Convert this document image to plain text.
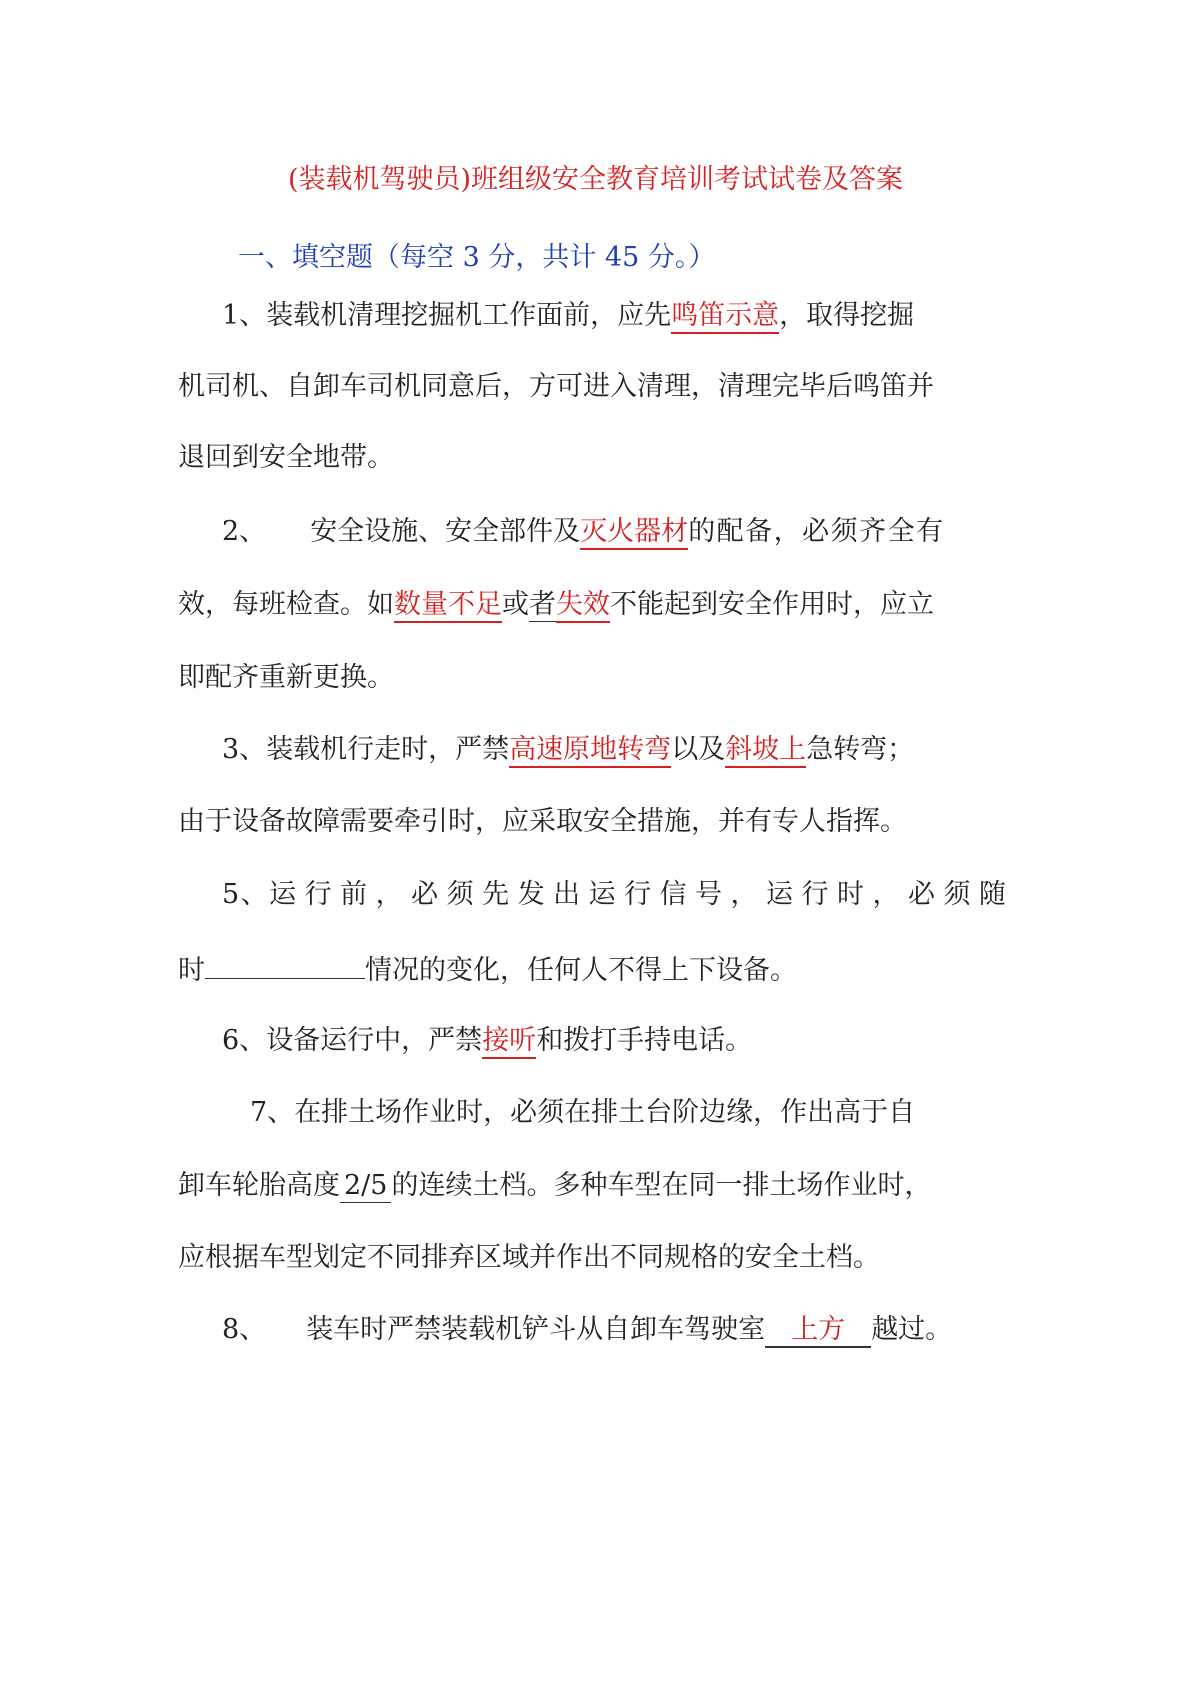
(装载机驾驶员)班组级安全教育培训考试试卷及答案
一、填空题（每空 3 分，共计 45 分。）
1、装载机清理挖掘机工作面前，应先鸣笛示意，取得挖掘
机司机、自卸车司机同意后，方可进入清理，清理完毕后鸣笛并
退回到安全地带。
2、 安全设施、安全部件及灭火器材的配备，必须齐全有
效，每班检查。如数量不足或者失效不能起到安全作用时，应立
即配齐重新更换。
3、装载机行走时，严禁高速原地转弯以及斜坡上急转弯；
由于设备故障需要牵引时，应采取安全措施，并有专人指挥。
5、运行前，必须先发出运行信号，运行时，必须随
时	情况的变化，任何人不得上下设备。
6、设备运行中，严禁接听和拨打手持电话。
7、在排土场作业时，必须在排土台阶边缘，作出高于自
卸车轮胎高度 2/5 的连续土档。多种车型在同一排土场作业时，
应根据车型划定不同排弃区域并作出不同规格的安全土档。
8、 装车时严禁装载机铲斗从自卸车驾驶室 上方 越过。
